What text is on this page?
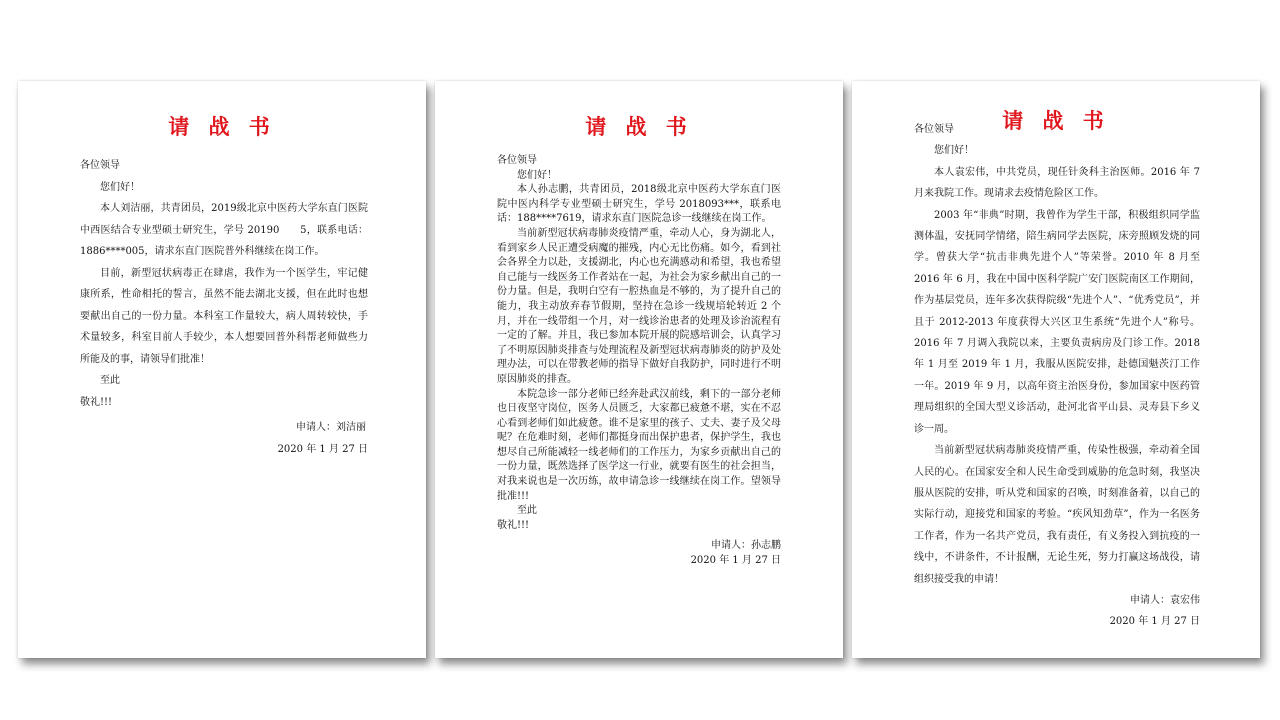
请 战 书

各位领导

您们好！

本人刘洁丽，共青团员，2019级北京中医药大学东直门医院中西医结合专业型硕士研究生，学号 20190　　5，联系电话：1886****005，请求东直门医院普外科继续在岗工作。

目前，新型冠状病毒正在肆虐，我作为一个医学生，牢记健康所系，性命相托的誓言，虽然不能去湖北支援，但在此时也想要献出自己的一份力量。本科室工作量较大，病人周转较快，手术量较多，科室目前人手较少，本人想要回普外科帮老师做些力所能及的事，请领导们批准！

至此

敬礼!!!

申请人：刘洁丽

2020 年 1 月 27 日

请 战 书

各位领导

您们好！

本人孙志鹏，共青团员，2018级北京中医药大学东直门医院中医内科学专业型硕士研究生，学号 2018093***，联系电话：188****7619，请求东直门医院急诊一线继续在岗工作。

当前新型冠状病毒肺炎疫情严重，牵动人心，身为湖北人，看到家乡人民正遭受病魔的摧残，内心无比伤痛。如今，看到社会各界全力以赴，支援湖北，内心也充满感动和希望，我也希望自己能与一线医务工作者站在一起，为社会为家乡献出自己的一份力量。但是，我明白空有一腔热血是不够的，为了提升自己的能力，我主动放弃春节假期，坚持在急诊一线规培轮转近 2 个月，并在一线带组一个月，对一线诊治患者的处理及诊治流程有一定的了解。并且，我已参加本院开展的院感培训会，认真学习了不明原因肺炎排查与处理流程及新型冠状病毒肺炎的防护及处理办法，可以在带教老师的指导下做好自我防护，同时进行不明原因肺炎的排查。

本院急诊一部分老师已经奔赴武汉前线，剩下的一部分老师也日夜坚守岗位，医务人员匮乏，大家都已疲惫不堪，实在不忍心看到老师们如此疲惫。谁不是家里的孩子、丈夫、妻子及父母呢？在危难时刻，老师们都挺身而出保护患者，保护学生，我也想尽自己所能减轻一线老师们的工作压力，为家乡贡献出自己的一份力量，既然选择了医学这一行业，就要有医生的社会担当，对我来说也是一次历练，故申请急诊一线继续在岗工作。望领导批准!!!

至此

敬礼!!!

申请人：孙志鹏

2020 年 1 月 27 日

请 战 书

各位领导

您们好！

本人袁宏伟，中共党员，现任针灸科主治医师。2016 年 7 月来我院工作。现请求去疫情危险区工作。

2003 年“非典”时期，我曾作为学生干部，积极组织同学监测体温，安抚同学情绪，陪生病同学去医院，床旁照顾发烧的同学。曾获大学“抗击非典先进个人”等荣誉。2010 年 8 月至 2016 年 6 月，我在中国中医科学院广安门医院南区工作期间，作为基层党员，连年多次获得院级“先进个人”、“优秀党员”，并且于 2012-2013 年度获得大兴区卫生系统“先进个人”称号。2016 年 7 月调入我院以来，主要负责病房及门诊工作。2018 年 1 月至 2019 年 1 月，我服从医院安排，赴德国魁茨汀工作一年。2019 年 9 月，以高年资主治医身份，参加国家中医药管理局组织的全国大型义诊活动，赴河北省平山县、灵寿县下乡义诊一周。

当前新型冠状病毒肺炎疫情严重，传染性极强，牵动着全国人民的心。在国家安全和人民生命受到威胁的危急时刻，我坚决服从医院的安排，听从党和国家的召唤，时刻准备着，以自己的实际行动，迎接党和国家的考验。“疾风知劲草”，作为一名医务工作者，作为一名共产党员，我有责任，有义务投入到抗疫的一线中，不讲条件，不计报酬，无论生死，努力打赢这场战役，请组织接受我的申请！

申请人：袁宏伟

2020 年 1 月 27 日
